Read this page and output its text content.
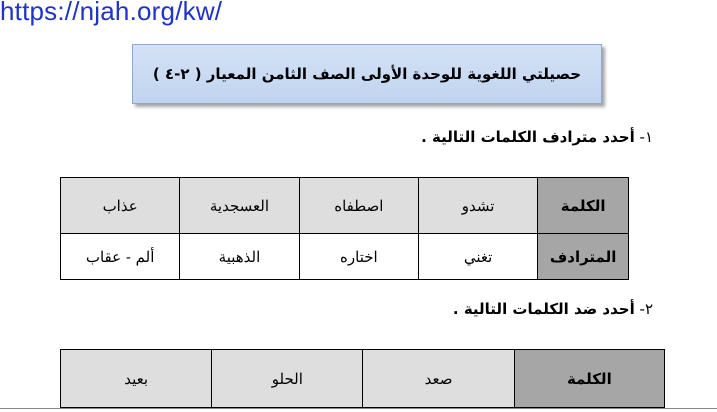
https://njah.org/kw/
حصيلتي اللغوية للوحدة الأولى الصف الثامن المعيار ( ٢-٤ )
١- أحدد مترادف الكلمات التالية .
الكلمة	تشدو	اصطفاه	العسجدية	عذاب
المترادف	تغني	اختاره	الذهبية	ألم - عقاب
٢- أحدد ضد الكلمات التالية .
الكلمة	صعد	الحلو	بعيد
